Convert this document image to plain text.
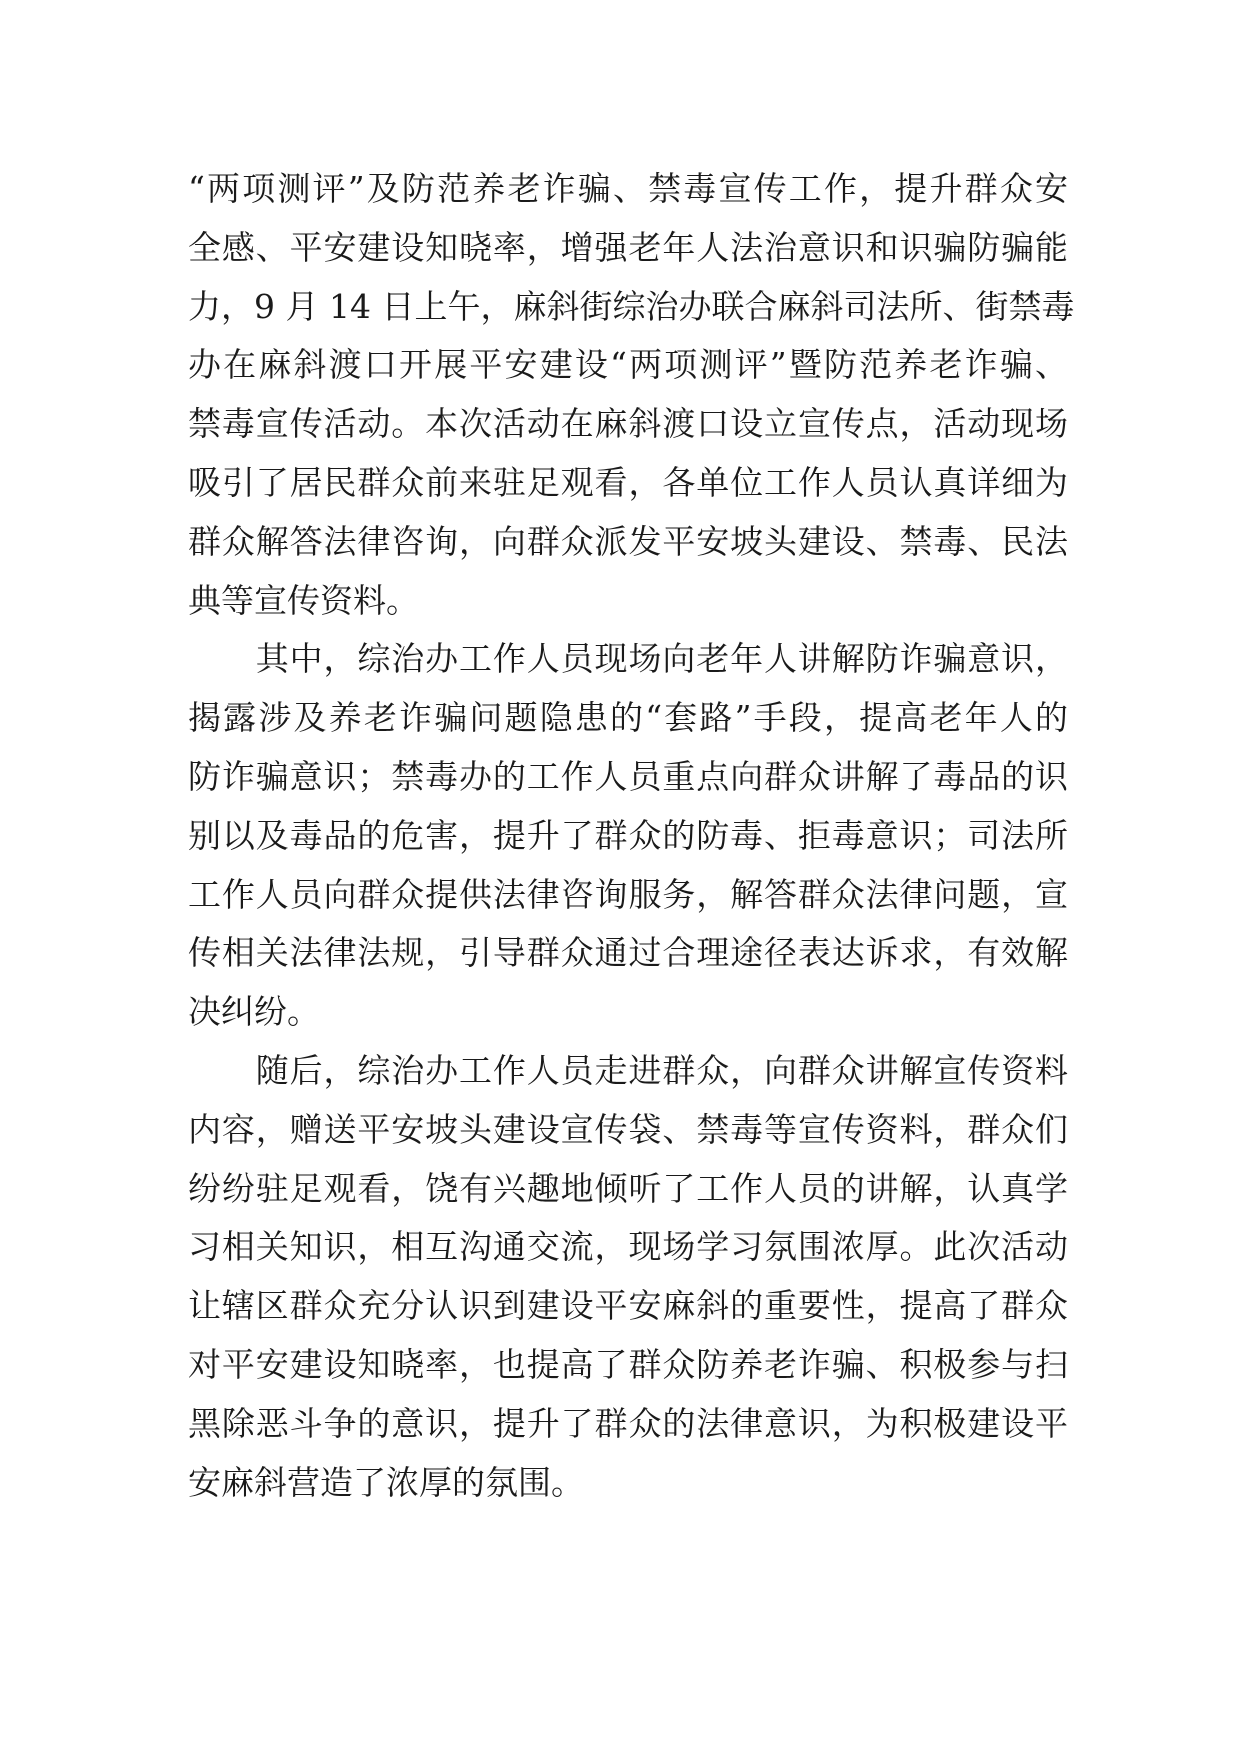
“两项测评”及防范养老诈骗、禁毒宣传工作，提升群众安
全感、平安建设知晓率，增强老年人法治意识和识骗防骗能
力，9 月 14 日上午，麻斜街综治办联合麻斜司法所、街禁毒
办在麻斜渡口开展平安建设“两项测评”暨防范养老诈骗、
禁毒宣传活动。本次活动在麻斜渡口设立宣传点，活动现场
吸引了居民群众前来驻足观看，各单位工作人员认真详细为
群众解答法律咨询，向群众派发平安坡头建设、禁毒、民法
典等宣传资料。
　　其中，综治办工作人员现场向老年人讲解防诈骗意识，
揭露涉及养老诈骗问题隐患的“套路”手段，提高老年人的
防诈骗意识；禁毒办的工作人员重点向群众讲解了毒品的识
别以及毒品的危害，提升了群众的防毒、拒毒意识；司法所
工作人员向群众提供法律咨询服务，解答群众法律问题，宣
传相关法律法规，引导群众通过合理途径表达诉求，有效解
决纠纷。
　　随后，综治办工作人员走进群众，向群众讲解宣传资料
内容，赠送平安坡头建设宣传袋、禁毒等宣传资料，群众们
纷纷驻足观看，饶有兴趣地倾听了工作人员的讲解，认真学
习相关知识，相互沟通交流，现场学习氛围浓厚。此次活动
让辖区群众充分认识到建设平安麻斜的重要性，提高了群众
对平安建设知晓率，也提高了群众防养老诈骗、积极参与扫
黑除恶斗争的意识，提升了群众的法律意识，为积极建设平
安麻斜营造了浓厚的氛围。
